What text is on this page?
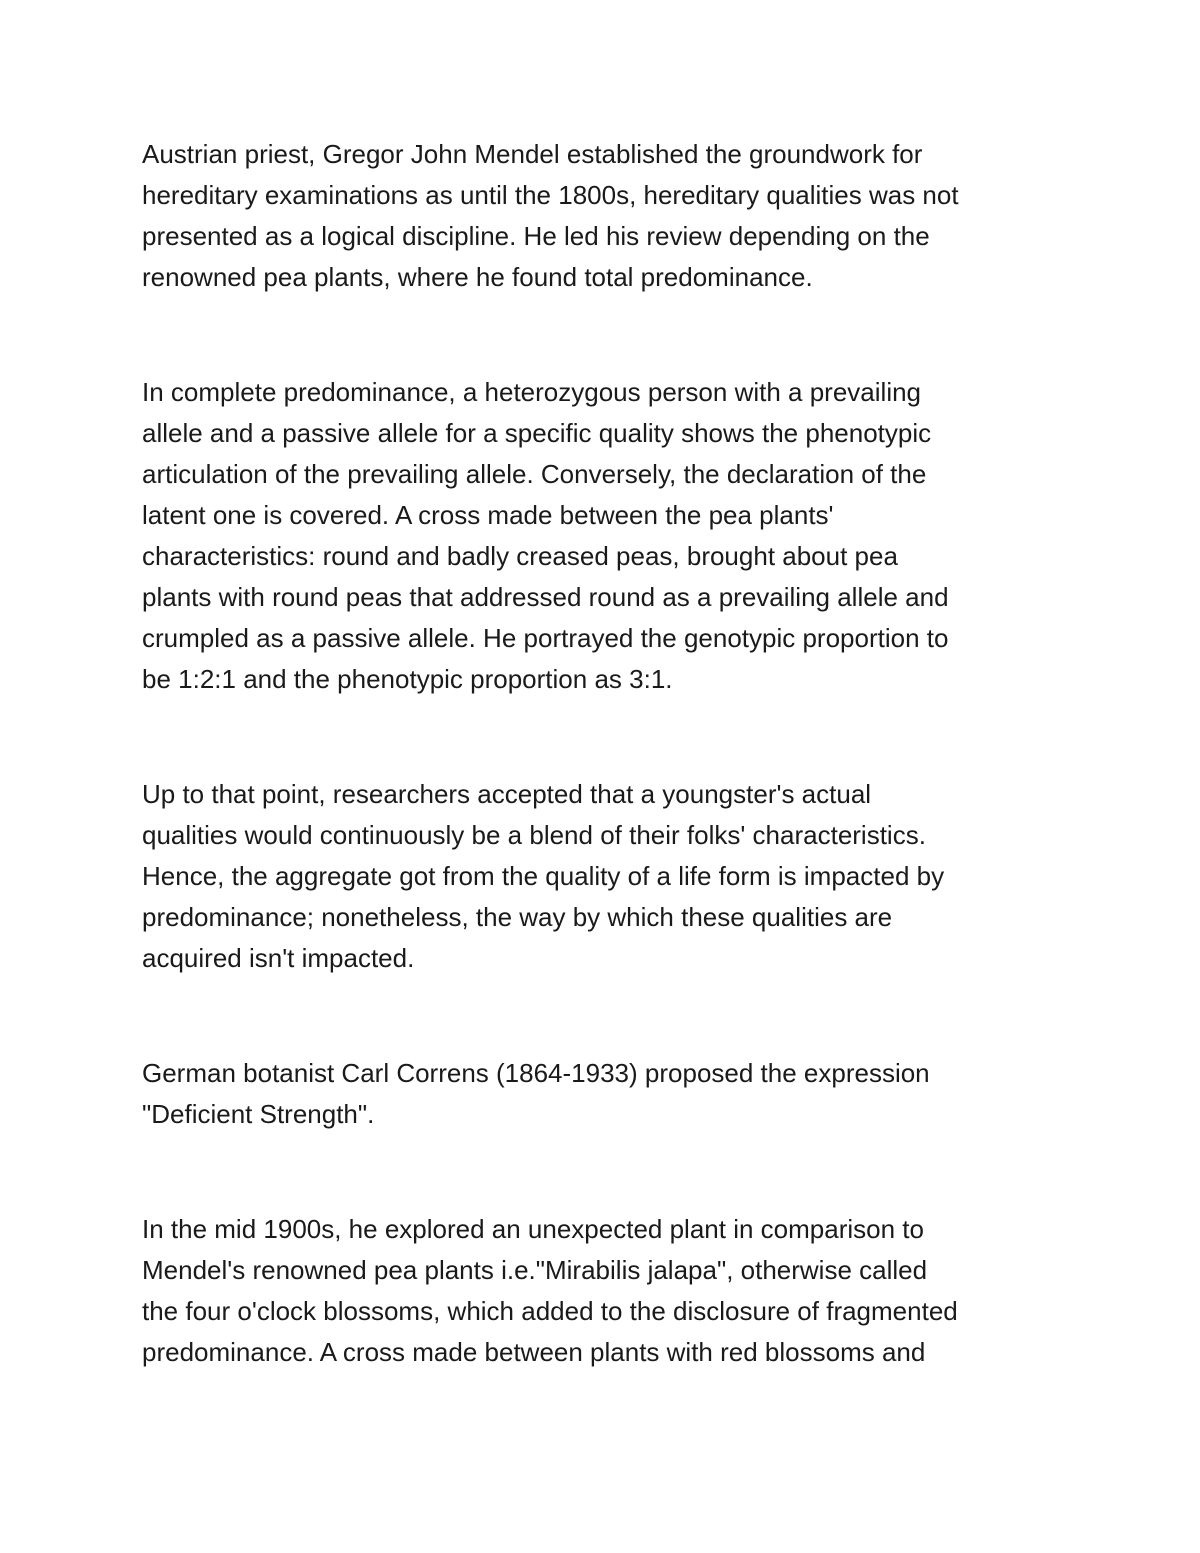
Austrian priest, Gregor John Mendel established the groundwork for
hereditary examinations as until the 1800s, hereditary qualities was not
presented as a logical discipline. He led his review depending on the
renowned pea plants, where he found total predominance.

In complete predominance, a heterozygous person with a prevailing
allele and a passive allele for a specific quality shows the phenotypic
articulation of the prevailing allele. Conversely, the declaration of the
latent one is covered. A cross made between the pea plants'
characteristics: round and badly creased peas, brought about pea
plants with round peas that addressed round as a prevailing allele and
crumpled as a passive allele. He portrayed the genotypic proportion to
be 1:2:1 and the phenotypic proportion as 3:1.

Up to that point, researchers accepted that a youngster's actual
qualities would continuously be a blend of their folks' characteristics.
Hence, the aggregate got from the quality of a life form is impacted by
predominance; nonetheless, the way by which these qualities are
acquired isn't impacted.

German botanist Carl Correns (1864-1933) proposed the expression
"Deficient Strength".

In the mid 1900s, he explored an unexpected plant in comparison to
Mendel's renowned pea plants i.e."Mirabilis jalapa", otherwise called
the four o'clock blossoms, which added to the disclosure of fragmented
predominance. A cross made between plants with red blossoms and
